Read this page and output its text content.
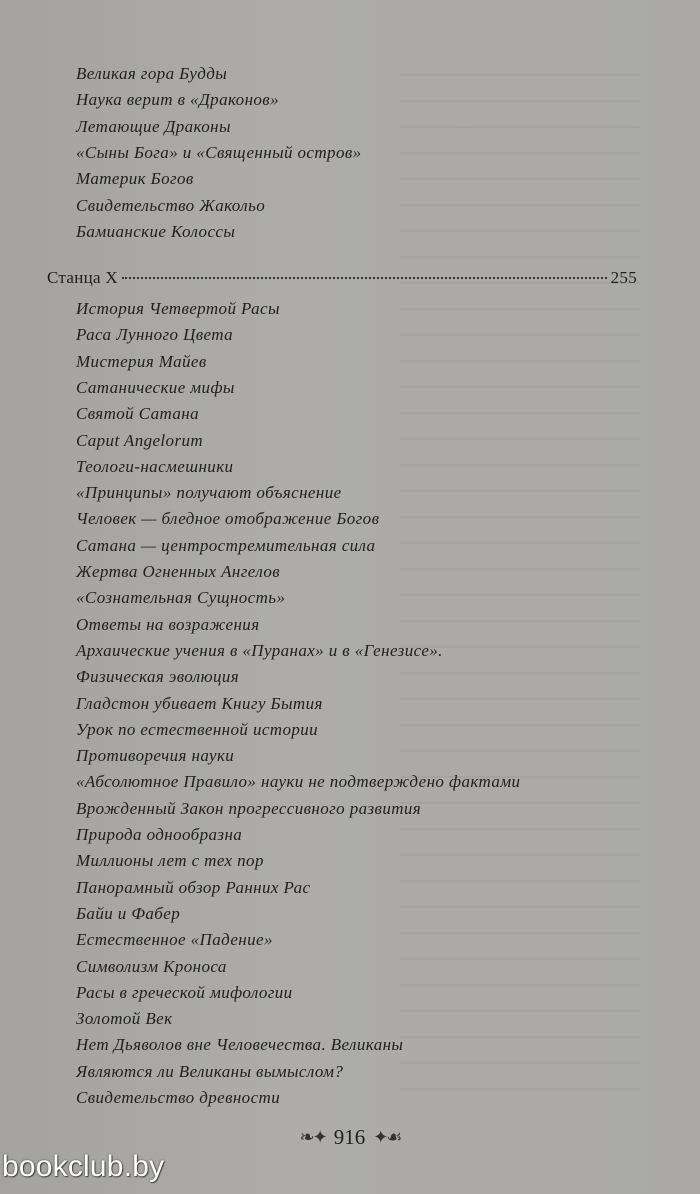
Станца X	255
Великая гора Будды
Наука верит в «Драконов»
Летающие Драконы
«Сыны Бога» и «Священный остров»
Материк Богов
Свидетельство Жакольо
Бамианские Колоссы
История Четвертой Расы
Раса Лунного Цвета
Мистерия Майев
Сатанические мифы
Святой Сатана
Caput Angelorum
Теологи-насмешники
«Принципы» получают объяснение
Человек — бледное отображение Богов
Сатана — центростремительная сила
Жертва Огненных Ангелов
«Сознательная Сущность»
Ответы на возражения
Архаические учения в «Пуранах» и в «Генезисе».
Физическая эволюция
Гладстон убивает Книгу Бытия
Урок по естественной истории
Противоречия науки
«Абсолютное Правило» науки не подтверждено фактами
Врожденный Закон прогрессивного развития
Природа однообразна
Миллионы лет с тех пор
Панорамный обзор Ранних Рас
Байи и Фабер
Естественное «Падение»
Символизм Кроноса
Расы в греческой мифологии
Золотой Век
Нет Дьяволов вне Человечества. Великаны
Являются ли Великаны вымыслом?
Свидетельство древности
❧✦ 916 ✦☙
bookclub.by
